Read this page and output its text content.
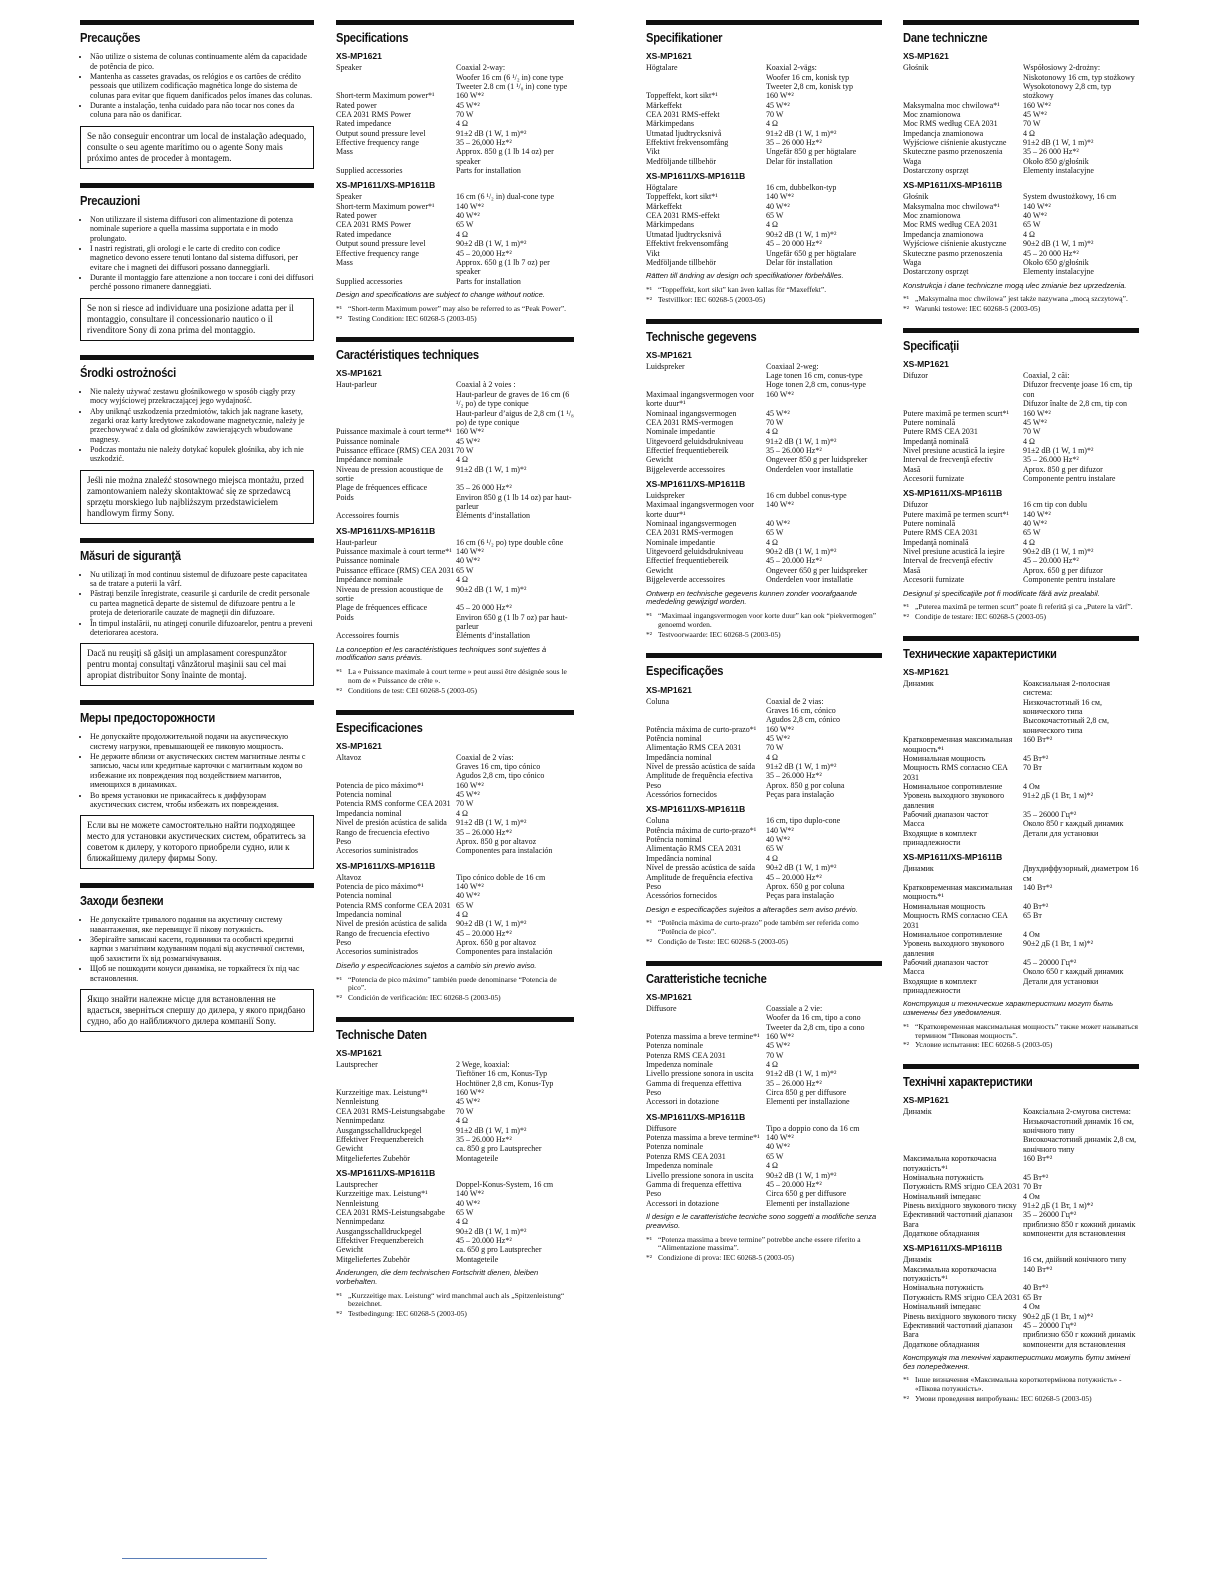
Precauções
• Não utilize o sistema de colunas continuamente além da capacidade de potência de pico.
• Mantenha as cassetes gravadas, os relógios e os cartões de crédito pessoais que utilizem codificação magnética longe do sistema de colunas para evitar que fiquem danificados pelos ímanes das colunas.
• Durante a instalação, tenha cuidado para não tocar nos cones da coluna para não os danificar.
Se não conseguir encontrar um local de instalação adequado, consulte o seu agente marítimo ou o agente Sony mais próximo antes de proceder à montagem.
Precauzioni
• Non utilizzare il sistema diffusori con alimentazione di potenza nominale superiore a quella massima supportata e in modo prolungato.
• I nastri registrati, gli orologi e le carte di credito con codice magnetico devono essere tenuti lontano dal sistema diffusori, per evitare che i magneti dei diffusori possano danneggiarli.
• Durante il montaggio fare attenzione a non toccare i coni dei diffusori perché possono rimanere danneggiati.
Se non si riesce ad individuare una posizione adatta per il montaggio, consultare il concessionario nautico o il rivenditore Sony di zona prima del montaggio.
Środki ostrożności
• Nie należy używać zestawu głośnikowego w sposób ciągły przy mocy wyjściowej przekraczającej jego wydajność.
• Aby uniknąć uszkodzenia przedmiotów, takich jak nagrane kasety, zegarki oraz karty kredytowe zakodowane magnetycznie, należy je przechowywać z dala od głośników zawierających wbudowane magnesy.
• Podczas montażu nie należy dotykać kopułek głośnika, aby ich nie uszkodzić.
Jeśli nie można znaleźć stosownego miejsca montażu, przed zamontowaniem należy skontaktować się ze sprzedawcą sprzętu morskiego lub najbliższym przedstawicielem handlowym firmy Sony.
Măsuri de siguranţă
• Nu utilizaţi în mod continuu sistemul de difuzoare peste capacitatea sa de tratare a puterii la vârf.
• Păstraţi benzile înregistrate, ceasurile şi cardurile de credit personale cu partea magnetică departe de sistemul de difuzoare pentru a le proteja de deteriorarile cauzate de magneţii din difuzoare.
• În timpul instalării, nu atingeţi conurile difuzoarelor, pentru a preveni deteriorarea acestora.
Dacă nu reuşiţi să găsiţi un amplasament corespunzător pentru montaj consultaţi vânzătorul maşinii sau cel mai apropiat distribuitor Sony înainte de montaj.
Меры предосторожности
• Не допускайте продолжительной подачи на акустическую систему нагрузки, превышающей ее пиковую мощность.
• Не держите вблизи от акустических систем магнитные ленты с записью, часы или кредитные карточки с магнитным кодом во избежание их повреждения под воздействием магнитов, имеющихся в динамиках.
• Во время установки не прикасайтесь к диффузорам акустических систем, чтобы избежать их повреждения.
Если вы не можете самостоятельно найти подходящее место для установки акустических систем, обратитесь за советом к дилеру, у которого приобрели судно, или к ближайшему дилеру фирмы Sony.
Заходи безпеки
• Не допускайте тривалого подання на акустичну систему навантаження, яке перевищує її пікову потужність.
• Зберігайте записані касети, годинники та особисті кредитні картки з магнітним кодуванням подалі від акустичної системи, щоб захистити їх від розмагнічування.
• Щоб не пошкодити конуси динаміка, не торкайтеся їх під час встановлення.
Якщо знайти належне місце для встановлення не вдається, зверніться спершу до дилера, у якого придбано судно, або до найближчого дилера компанії Sony.
Specifications
XS-MP1621
Speaker	Coaxial 2-way:
Woofer 16 cm (6 ¹/₂ in) cone type
Tweeter 2.8 cm (1 ¹/₈ in) cone type
Short-term Maximum power*¹	160 W*²
Rated power	45 W*²
CEA 2031 RMS Power	70 W
Rated impedance	4 Ω
Output sound pressure level	91±2 dB (1 W, 1 m)*²
Effective frequency range	35 – 26,000 Hz*²
Mass	Approx. 850 g (1 lb 14 oz) per speaker
Supplied accessories	Parts for installation
XS-MP1611/XS-MP1611B
Speaker	16 cm (6 ¹/₂ in) dual-cone type
Short-term Maximum power*¹	140 W*²
Rated power	40 W*²
CEA 2031 RMS Power	65 W
Rated impedance	4 Ω
Output sound pressure level	90±2 dB (1 W, 1 m)*²
Effective frequency range	45 – 20,000 Hz*²
Mass	Approx. 650 g (1 lb 7 oz) per speaker
Supplied accessories	Parts for installation
Design and specifications are subject to change without notice.
*¹ “Short-term Maximum power” may also be referred to as “Peak Power”.
*² Testing Condition: IEC 60268-5 (2003-05)
Caractéristiques techniques
XS-MP1621
Haut-parleur	Coaxial à 2 voies :
Haut-parleur de graves de 16 cm (6 ¹/₂ po) de type conique
Haut-parleur d’aigus de 2,8 cm (1 ¹/₈ po) de type conique
Puissance maximale à court terme*¹ 160 W*²
Puissance nominale	45 W*²
Puissance efficace (RMS) CEA 2031 70 W
Impédance nominale	4 Ω
Niveau de pression acoustique de sortie
91±2 dB (1 W, 1 m)*²
Plage de fréquences efficace	35 – 26 000 Hz*²
Poids	Environ 850 g (1 lb 14 oz) par haut-parleur
Accessoires fournis	Éléments d’installation
XS-MP1611/XS-MP1611B
Haut-parleur	16 cm (6 ¹/₂ po) type double cône
Puissance maximale à court terme*¹ 140 W*²
Puissance nominale	40 W*²
Puissance efficace (RMS) CEA 2031 65 W
Impédance nominale	4 Ω
Niveau de pression acoustique de sortie
90±2 dB (1 W, 1 m)*²
Plage de fréquences efficace	45 – 20 000 Hz*²
Poids	Environ 650 g (1 lb 7 oz) par haut-parleur
Accessoires fournis	Éléments d’installation
La conception et les caractéristiques techniques sont sujettes à modification sans préavis.
*¹ La « Puissance maximale à court terme » peut aussi être désignée sous le nom de « Puissance de crête ».
*² Conditions de test: CEI 60268-5 (2003-05)
Especificaciones
XS-MP1621
Altavoz	Coaxial de 2 vías:
Graves 16 cm, tipo cónico
Agudos 2,8 cm, tipo cónico
Potencia de pico máximo*¹	160 W*²
Potencia nominal	45 W*²
Potencia RMS conforme CEA 2031 70 W
Impedancia nominal	4 Ω
Nivel de presión acústica de salida	91±2 dB (1 W, 1 m)*²
Rango de frecuencia efectivo	35 – 26.000 Hz*²
Peso	Aprox. 850 g por altavoz
Accesorios suministrados	Componentes para instalación
XS-MP1611/XS-MP1611B
Altavoz	Tipo cónico doble de 16 cm
Potencia de pico máximo*¹	140 W*²
Potencia nominal	40 W*²
Potencia RMS conforme CEA 2031 65 W
Impedancia nominal	4 Ω
Nivel de presión acústica de salida	90±2 dB (1 W, 1 m)*²
Rango de frecuencia efectivo	45 – 20.000 Hz*²
Peso	Aprox. 650 g por altavoz
Accesorios suministrados	Componentes para instalación
Diseño y especificaciones sujetos a cambio sin previo aviso.
*¹ “Potencia de pico máximo” también puede denominarse “Potencia de pico”.
*² Condición de verificación: IEC 60268-5 (2003-05)
Technische Daten
XS-MP1621
Lautsprecher	2 Wege, koaxial:
Tieftöner 16 cm, Konus-Typ
Hochtöner 2,8 cm, Konus-Typ
Kurzzeitige max. Leistung*¹	160 W*²
Nennleistung	45 W*²
CEA 2031 RMS-Leistungsabgabe	70 W
Nennimpedanz	4 Ω
Ausgangsschalldruckpegel	91±2 dB (1 W, 1 m)*²
Effektiver Frequenzbereich	35 – 26.000 Hz*²
Gewicht	ca. 850 g pro Lautsprecher
Mitgeliefertes Zubehör	Montageteile
XS-MP1611/XS-MP1611B
Lautsprecher	Doppel-Konus-System, 16 cm
Kurzzeitige max. Leistung*¹	140 W*²
Nennleistung	40 W*²
CEA 2031 RMS-Leistungsabgabe	65 W
Nennimpedanz	4 Ω
Ausgangsschalldruckpegel	90±2 dB (1 W, 1 m)*²
Effektiver Frequenzbereich	45 – 20.000 Hz*²
Gewicht	ca. 650 g pro Lautsprecher
Mitgeliefertes Zubehör	Montageteile
Änderungen, die dem technischen Fortschritt dienen, bleiben vorbehalten.
*¹ „Kurzzeitige max. Leistung“ wird manchmal auch als „Spitzenleistung“ bezeichnet.
*² Testbedingung: IEC 60268-5 (2003-05)
Specifikationer
XS-MP1621
Högtalare	Koaxial 2-vägs:
Woofer 16 cm, konisk typ
Tweeter 2,8 cm, konisk typ
Toppeffekt, kort sikt*¹	160 W*²
Märkeffekt	45 W*²
CEA 2031 RMS-effekt	70 W
Märkimpedans	4 Ω
Utmatad ljudtrycksnivå	91±2 dB (1 W, 1 m)*²
Effektivt frekvensomfång	35 – 26 000 Hz*²
Vikt	Ungefär 850 g per högtalare
Medföljande tillbehör	Delar för installation
XS-MP1611/XS-MP1611B
Högtalare	16 cm, dubbelkon-typ
Toppeffekt, kort sikt*¹	140 W*²
Märkeffekt	40 W*²
CEA 2031 RMS-effekt	65 W
Märkimpedans	4 Ω
Utmatad ljudtrycksnivå	90±2 dB (1 W, 1 m)*²
Effektivt frekvensomfång	45 – 20 000 Hz*²
Vikt	Ungefär 650 g per högtalare
Medföljande tillbehör	Delar för installation
Rätten till ändring av design och specifikationer förbehålles.
*¹ “Toppeffekt, kort sikt” kan även kallas för “Maxeffekt”.
*² Testvillkor: IEC 60268-5 (2003-05)
Technische gegevens
XS-MP1621
Luidspreker	Coaxiaal 2-weg:
Lage tonen 16 cm, conus-type
Hoge tonen 2,8 cm, conus-type
Maximaal ingangsvermogen voor korte duur*¹
160 W*²
Nominaal ingangsvermogen	45 W*²
CEA 2031 RMS-vermogen	70 W
Nominale impedantie	4 Ω
Uitgevoerd geluidsdrukniveau	91±2 dB (1 W, 1 m)*²
Effectief frequentiebereik	35 – 26.000 Hz*²
Gewicht	Ongeveer 850 g per luidspreker
Bijgeleverde accessoires	Onderdelen voor installatie
XS-MP1611/XS-MP1611B
Luidspreker	16 cm dubbel conus-type
Maximaal ingangsvermogen voor korte duur*¹
140 W*²
Nominaal ingangsvermogen	40 W*²
CEA 2031 RMS-vermogen	65 W
Nominale impedantie	4 Ω
Uitgevoerd geluidsdrukniveau	90±2 dB (1 W, 1 m)*²
Effectief frequentiebereik	45 – 20.000 Hz*²
Gewicht	Ongeveer 650 g per luidspreker
Bijgeleverde accessoires	Onderdelen voor installatie
Ontwerp en technische gegevens kunnen zonder voorafgaande mededeling gewijzigd worden.
*¹ “Maximaal ingangsvermogen voor korte duur” kan ook “piekvermogen” genoemd worden.
*² Testvoorwaarde: IEC 60268-5 (2003-05)
Especificações
XS-MP1621
Coluna	Coaxial de 2 vias:
Graves 16 cm, cónico
Agudos 2,8 cm, cónico
Potência máxima de curto-prazo*¹	160 W*²
Potência nominal	45 W*²
Alimentação RMS CEA 2031	70 W
Impedância nominal	4 Ω
Nível de pressão acústica de saída	91±2 dB (1 W, 1 m)*²
Amplitude de frequência efectiva	35 – 26.000 Hz*²
Peso	Aprox. 850 g por coluna
Acessórios fornecidos	Peças para instalação
XS-MP1611/XS-MP1611B
Coluna	16 cm, tipo duplo-cone
Potência máxima de curto-prazo*¹	140 W*²
Potência nominal	40 W*²
Alimentação RMS CEA 2031	65 W
Impedância nominal	4 Ω
Nível de pressão acústica de saída	90±2 dB (1 W, 1 m)*²
Amplitude de frequência efectiva	45 – 20.000 Hz*²
Peso	Aprox. 650 g por coluna
Acessórios fornecidos	Peças para instalação
Design e especificações sujeitos a alterações sem aviso prévio.
*¹ “Potência máxima de curto-prazo” pode também ser referida como “Potência de pico”.
*² Condição de Teste: IEC 60268-5 (2003-05)
Caratteristiche tecniche
XS-MP1621
Diffusore	Coassiale a 2 vie:
Woofer da 16 cm, tipo a cono
Tweeter da 2,8 cm, tipo a cono
Potenza massima a breve termine*¹ 160 W*²
Potenza nominale	45 W*²
Potenza RMS CEA 2031	70 W
Impedenza nominale	4 Ω
Livello pressione sonora in uscita	91±2 dB (1 W, 1 m)*²
Gamma di frequenza effettiva	35 – 26.000 Hz*²
Peso	Circa 850 g per diffusore
Accessori in dotazione	Elementi per installazione
XS-MP1611/XS-MP1611B
Diffusore	Tipo a doppio cono da 16 cm
Potenza massima a breve termine*¹ 140 W*²
Potenza nominale	40 W*²
Potenza RMS CEA 2031	65 W
Impedenza nominale	4 Ω
Livello pressione sonora in uscita	90±2 dB (1 W, 1 m)*²
Gamma di frequenza effettiva	45 – 20.000 Hz*²
Peso	Circa 650 g per diffusore
Accessori in dotazione	Elementi per installazione
Il design e le caratteristiche tecniche sono soggetti a modifiche senza preavviso.
*¹ “Potenza massima a breve termine” potrebbe anche essere riferito a “Alimentazione massima”.
*² Condizione di prova: IEC 60268-5 (2003-05)
Dane techniczne
XS-MP1621
Głośnik	Współosiowy 2-drożny:
Niskotonowy 16 cm, typ stożkowy
Wysokotonowy 2,8 cm, typ stożkowy
Maksymalna moc chwilowa*¹	160 W*²
Moc znamionowa	45 W*²
Moc RMS według CEA 2031	70 W
Impedancja znamionowa	4 Ω
Wyjściowe ciśnienie akustyczne	91±2 dB (1 W, 1 m)*²
Skuteczne pasmo przenoszenia	35 – 26 000 Hz*²
Waga	Około 850 g/głośnik
Dostarczony osprzęt	Elementy instalacyjne
XS-MP1611/XS-MP1611B
Głośnik	System dwustożkowy, 16 cm
Maksymalna moc chwilowa*¹	140 W*²
Moc znamionowa	40 W*²
Moc RMS według CEA 2031	65 W
Impedancja znamionowa	4 Ω
Wyjściowe ciśnienie akustyczne	90±2 dB (1 W, 1 m)*²
Skuteczne pasmo przenoszenia	45 – 20 000 Hz*²
Waga	Około 650 g/głośnik
Dostarczony osprzęt	Elementy instalacyjne
Konstrukcja i dane techniczne mogą ulec zmianie bez uprzedzenia.
*¹ „Maksymalna moc chwilowa” jest także nazywana „mocą szczytową”.
*² Warunki testowe: IEC 60268-5 (2003-05)
Specificaţii
XS-MP1621
Difuzor	Coaxial, 2 căi:
Difuzor frecvenţe joase 16 cm, tip con
Difuzor înalte de 2,8 cm, tip con
Putere maximă pe termen scurt*¹	160 W*²
Putere nominală	45 W*²
Putere RMS CEA 2031	70 W
Impedanţă nominală	4 Ω
Nivel presiune acustică la ieşire	91±2 dB (1 W, 1 m)*²
Interval de frecvenţă efectiv	35 – 26.000 Hz*²
Masă	Aprox. 850 g per difuzor
Accesorii furnizate	Componente pentru instalare
XS-MP1611/XS-MP1611B
Difuzor	16 cm tip con dublu
Putere maximă pe termen scurt*¹	140 W*²
Putere nominală	40 W*²
Putere RMS CEA 2031	65 W
Impedanţă nominală	4 Ω
Nivel presiune acustică la ieşire	90±2 dB (1 W, 1 m)*²
Interval de frecvenţă efectiv	45 – 20.000 Hz*²
Masă	Aprox. 650 g per difuzor
Accesorii furnizate	Componente pentru instalare
Designul şi specificaţiile pot fi modificate fără aviz prealabil.
*¹ „Puterea maximă pe termen scurt” poate fi referită şi ca „Putere la vârf”.
*² Condiţie de testare: IEC 60268-5 (2003-05)
Технические характеристики
XS-MP1621
Динамик	Коаксиальная 2-полосная система:
Низкочастотный 16 см, конического типа
Высокочастотный 2,8 см, конического типа
Кратковременная максимальная мощность*¹
160 Вт*²
Номинальная мощность	45 Вт*²
Мощность RMS согласно CEA 2031
70 Вт
Номинальное сопротивление	4 Ом
Уровень выходного звукового давления
91±2 дБ (1 Вт, 1 м)*²
Рабочий диапазон частот	35 – 26000 Гц*²
Масса	Около 850 г каждый динамик
Входящие в комплект принадлежности
Детали для установки
XS-MP1611/XS-MP1611B
Динамик	Двухдиффузорный, диаметром 16 см
Кратковременная максимальная мощность*¹
140 Вт*²
Номинальная мощность	40 Вт*²
Мощность RMS согласно CEA 2031
65 Вт
Номинальное сопротивление	4 Ом
Уровень выходного звукового давления
90±2 дБ (1 Вт, 1 м)*²
Рабочий диапазон частот	45 – 20000 Гц*²
Масса	Около 650 г каждый динамик
Входящие в комплект принадлежности
Детали для установки
Конструкция и технические характеристики могут быть изменены без уведомления.
*¹ “Кратковременная максимальная мощность” также может называться термином “Пиковая мощность”.
*² Условие испытания: IEC 60268-5 (2003-05)
Технічні характеристики
XS-MP1621
Динамік	Коаксіальна 2-смугова система:
Низькочастотний динамік 16 см, конічного типу
Високочастотний динамік 2,8 см, конічного типу
Максимальна короткочасна потужність*¹
160 Вт*²
Номінальна потужність	45 Вт*²
Потужність RMS згідно CEA 2031 70 Вт
Номінальний імпеданс	4 Ом
Рівень вихідного звукового тиску 91±2 дБ (1 Вт, 1 м)*²
Ефективний частотний діапазон	35 – 26000 Гц*²
Вага	приблизно 850 г кожний динамік
Додаткове обладнання	компоненти для встановлення
XS-MP1611/XS-MP1611B
Динамік	16 см, двійний конічного типу
Максимальна короткочасна потужність*¹
140 Вт*²
Номінальна потужність	40 Вт*²
Потужність RMS згідно CEA 2031 65 Вт
Номінальний імпеданс	4 Ом
Рівень вихідного звукового тиску 90±2 дБ (1 Вт, 1 м)*²
Ефективний частотний діапазон	45 – 20000 Гц*²
Вага	приблизно 650 г кожний динамік
Додаткове обладнання	компоненти для встановлення
Конструкція та технічні характеристики можуть бути змінені без попередження.
*¹ Інше визначення «Максимальна короткотермінова потужність» - «Пікова потужність».
*² Умови проведення випробувань: IEC 60268-5 (2003-05)
